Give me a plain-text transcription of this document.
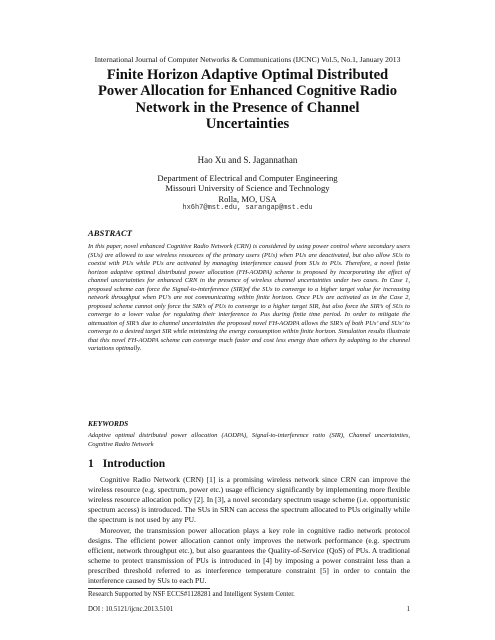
International Journal of Computer Networks & Communications (IJCNC) Vol.5, No.1, January 2013
Finite Horizon Adaptive Optimal Distributed
Power Allocation for Enhanced Cognitive Radio
Network in the Presence of Channel
Uncertainties
Hao Xu and S. Jagannathan
Department of Electrical and Computer Engineering
Missouri University of Science and Technology
Rolla, MO, USA
hx6h7@mst.edu, sarangap@mst.edu
ABSTRACT
In this paper, novel enhanced Cognitive Radio Network (CRN) is considered by using power control where secondary users (SUs) are allowed to use wireless resources of the primary users (PUs) when PUs are deactivated, but also allow SUs to coexist with PUs while PUs are activated by managing interference caused from SUs to PUs. Therefore, a novel finite horizon adaptive optimal distributed power allocation (FH-AODPA) scheme is proposed by incorporating the effect of channel uncertainties for enhanced CRN in the presence of wireless channel uncertainties under two cases. In Case 1, proposed scheme can force the Signal-to-interference (SIR)of the SUs to converge to a higher target value for increasing network throughput when PU’s are not communicating within finite horizon. Once PUs are activated as in the Case 2, proposed scheme cannot only force the SIR’s of PUs to converge to a higher target SIR, but also force the SIR’s of SUs to converge to a lower value for regulating their interference to Pus during finite time period. In order to mitigate the attenuation of SIR’s due to channel uncertainties the proposed novel FH-AODPA allows the SIR’s of both PUs’ and SUs’ to converge to a desired target SIR while minimizing the energy consumption within finite horizon. Simulation results illustrate that this novel FH-AODPA scheme can converge much faster and cost less energy than others by adapting to the channel variations optimally.
KEYWORDS
Adaptive optimal distributed power allocation (AODPA), Signal-to-interference ratio (SIR), Channel uncertainties, Cognitive Radio Network
1 Introduction
Cognitive Radio Network (CRN) [1] is a promising wireless network since CRN can improve the wireless resource (e.g. spectrum, power etc.) usage efficiency significantly by implementing more flexible wireless resource allocation policy [2]. In [3], a novel secondary spectrum usage scheme (i.e. opportunistic spectrum access) is introduced. The SUs in SRN can access the spectrum allocated to PUs originally while the spectrum is not used by any PU.
Moreover, the transmission power allocation plays a key role in cognitive radio network protocol designs. The efficient power allocation cannot only improves the network performance (e.g. spectrum efficient, network throughput etc.), but also guarantees the Quality-of-Service (QoS) of PUs. A traditional scheme to protect transmission of PUs is introduced in [4] by imposing a power constraint less than a prescribed threshold referred to as interference temperature constraint [5] in order to contain the interference caused by SUs to each PU.
Research Supported by NSF ECCS#1128281 and Intelligent System Center.
DOI : 10.5121/ijcnc.2013.5101	1
